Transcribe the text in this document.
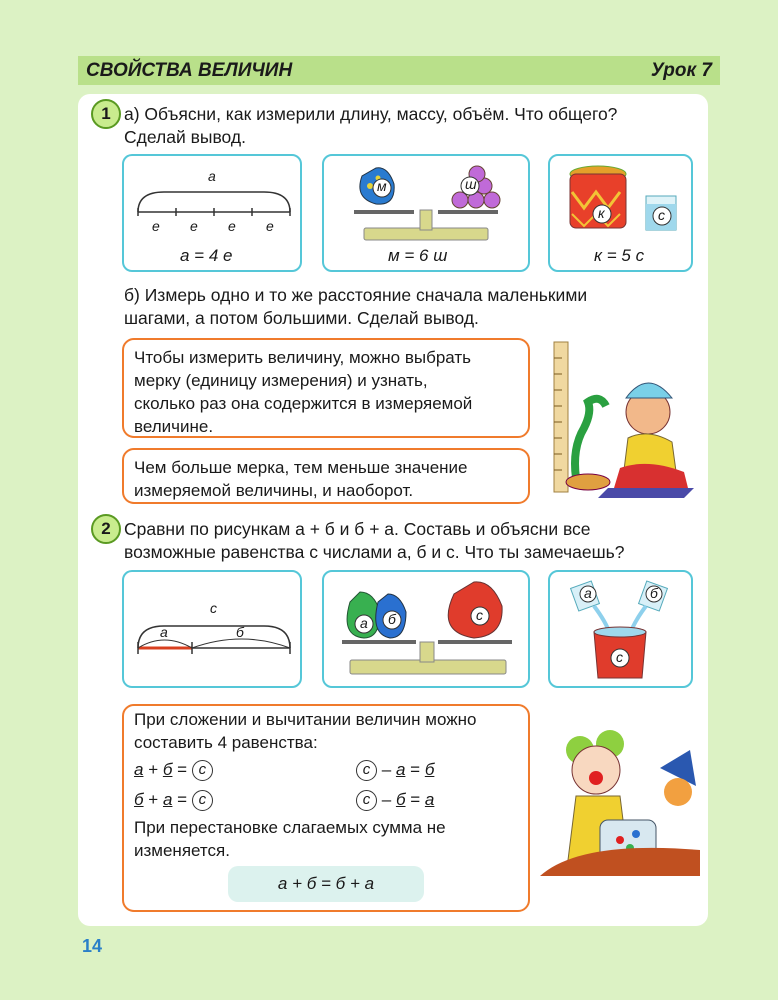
СВОЙСТВА ВЕЛИЧИН	Урок 7
1 а) Объясни, как измерили длину, массу, объём. Что общего?
Сделай вывод.
а
е е е е
а = 4 е
м	ш
м = 6 ш
к	с
к = 5 с
б) Измерь одно и то же расстояние сначала маленькими
шагами, а потом большими. Сделай вывод.
Чтобы измерить величину, можно выбрать
мерку (единицу измерения) и узнать,
сколько раз она содержится в измеряемой
величине.
Чем больше мерка, тем меньше значение
измеряемой величины, и наоборот.
2 Сравни по рисункам а + б и б + а. Составь и объясни все
возможные равенства с числами а, б и с. Что ты замечаешь?
с
а	б
а б	с
а	б
с
При сложении и вычитании величин можно
составить 4 равенства:
а + б = с	с – а = б
б + а = с	с – б = а
При перестановке слагаемых сумма не
изменяется.
а + б = б + а
14
